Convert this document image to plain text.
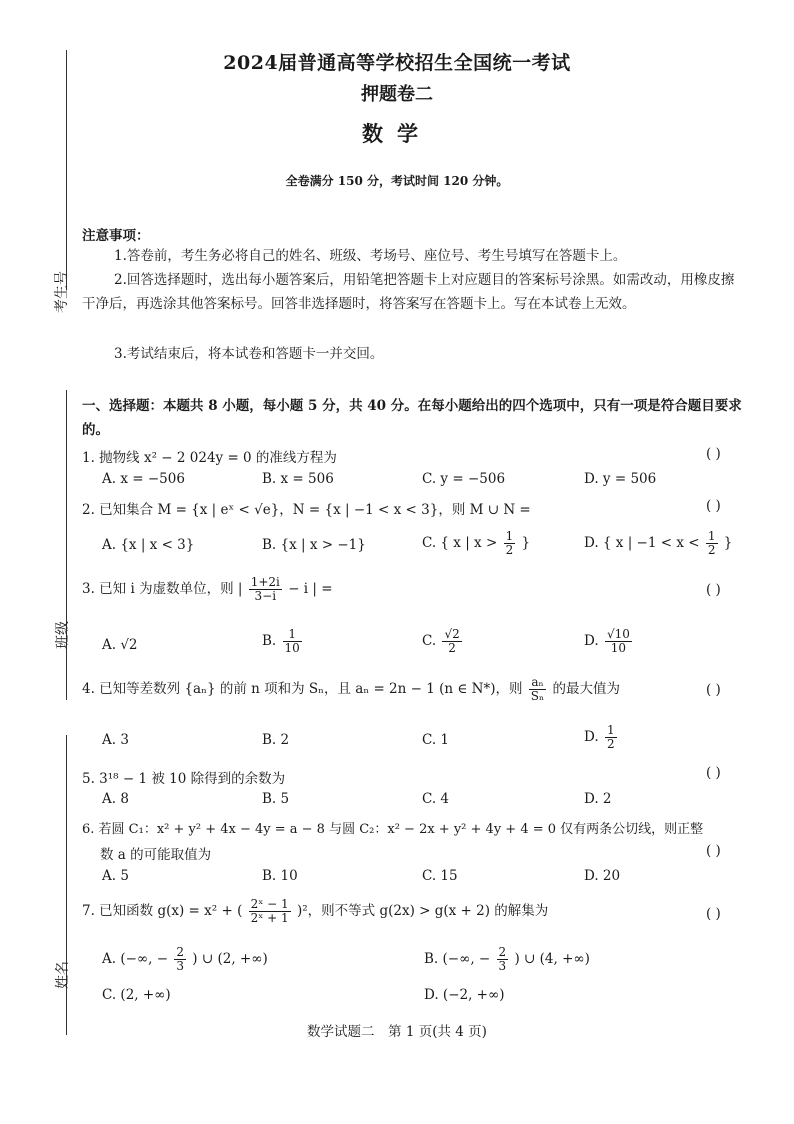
考生号
班级
姓名
2024届普通高等学校招生全国统一考试
押题卷二
数学
全卷满分 150 分，考试时间 120 分钟。
注意事项：
1.答卷前，考生务必将自己的姓名、班级、考场号、座位号、考生号填写在答题卡上。
2.回答选择题时，选出每小题答案后，用铅笔把答题卡上对应题目的答案标号涂黑。如需改动，用橡皮擦干净后，再选涂其他答案标号。回答非选择题时，将答案写在答题卡上。写在本试卷上无效。
3.考试结束后，将本试卷和答题卡一并交回。
一、选择题：本题共 8 小题，每小题 5 分，共 40 分。在每小题给出的四个选项中，只有一项是符合题目要求的。
1. 抛物线 x² − 2 024y = 0 的准线方程为	( )
A. x = −506	B. x = 506	C. y = −506	D. y = 506
2. 已知集合 M = {x | eˣ < √e}，N = {x | −1 < x < 3}，则 M ∪ N =	( )
A. {x | x < 3}	B. {x | x > −1}	C. { x | $x > \frac{1}{2}$ }	D. { x | $-1 < x < \frac{1}{2}$ }
3. 已知 i 为虚数单位，则 | $\frac{1+2i}{3-i} - i$ | =	( )
A. √2	B. $\frac{1}{10}$	C. $\frac{√2}{2}$	D. $\frac{√10}{10}$
4. 已知等差数列 {aₙ} 的前 n 项和为 Sₙ，且 aₙ = 2n − 1 (n ∈ N*)，则 $\frac{\text{aₙ}}{\text{Sₙ}}$ 的最大值为	( )
A. 3	B. 2	C. 1	D. $\frac{1}{2}$
5. 3¹⁸ − 1 被 10 除得到的余数为	( )
A. 8	B. 5	C. 4	D. 2
6. 若圆 C₁：x² + y² + 4x − 4y = a − 8 与圆 C₂：x² − 2x + y² + 4y + 4 = 0 仅有两条公切线，则正整
数 a 的可能取值为	( )
A. 5	B. 10	C. 15	D. 20
7. 已知函数 g(x) = x² + ( $\frac{\text{2ˣ − 1}}{\text{2ˣ + 1}} )^2$，则不等式 g(2x) > g(x + 2) 的解集为	( )
A. (−∞, − $\frac{2}{3}$ ) ∪ (2, +∞)	B. (−∞, − $\frac{2}{3}$ ) ∪ (4, +∞)
C. (2, +∞)	D. (−2, +∞)
数学试题二　第 1 页(共 4 页)
